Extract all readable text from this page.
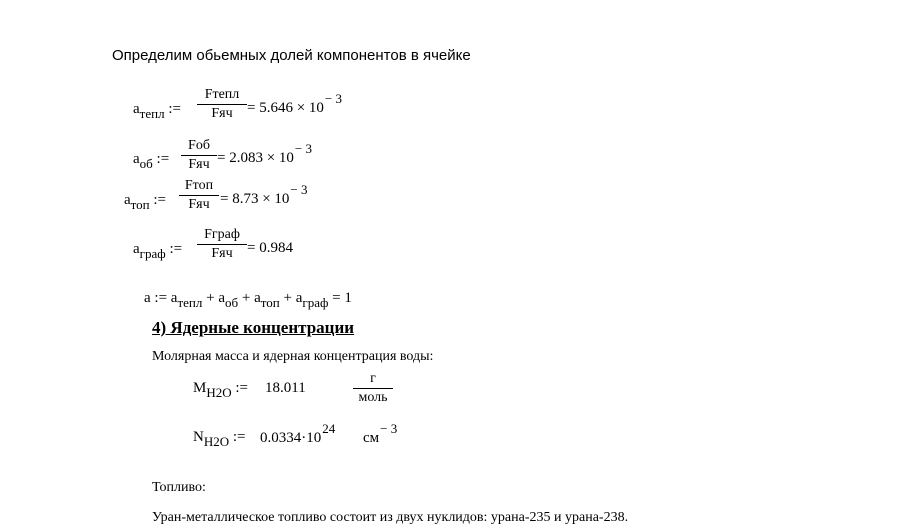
Определим обьемных долей компонентов в ячейке
aтепл :=
Fтепл
Fяч = 5.646 × 10− 3
aоб :=
Fоб
Fяч = 2.083 × 10− 3
aтоп :=
Fтоп
Fяч = 8.73 × 10− 3
aграф :=
Fграф
Fяч = 0.984
a := aтепл + aоб + aтоп + aграф = 1
4) Ядерные концентрации
Молярная масса и ядерная концентрация воды:
MH2O := 18.011
г
моль
NH2O := 0.0334·1024
см− 3
Топливо:
Уран-металлическое топливо состоит из двух нуклидов: урана-235 и урана-238.
